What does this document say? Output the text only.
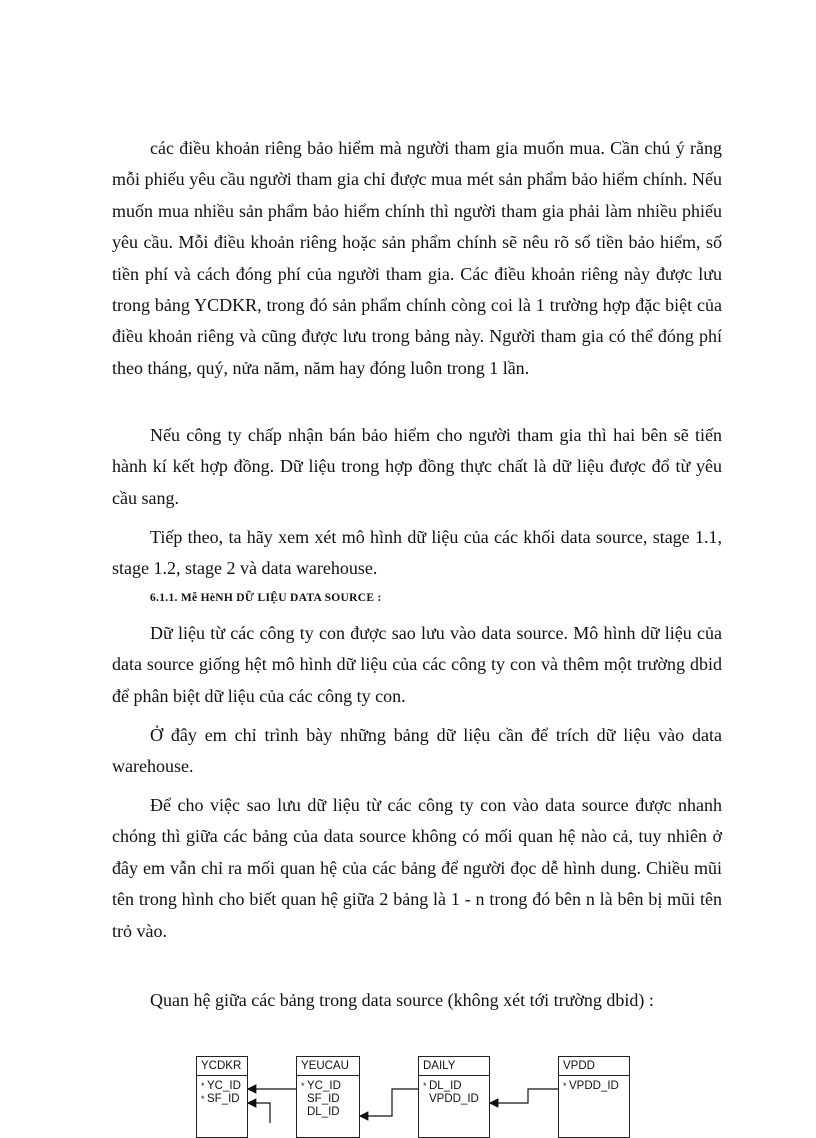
các điều khoản riêng bảo hiểm mà người tham gia muốn mua. Cần chú ý rằng mỗi phiếu yêu cầu người tham gia chỉ được mua mét sản phẩm bảo hiểm chính. Nếu muốn mua nhiều sản phẩm bảo hiểm chính thì người tham gia phải làm nhiều phiếu yêu cầu. Mỗi điều khoản riêng hoặc sản phẩm chính sẽ nêu rõ số tiền bảo hiểm, số tiền phí và cách đóng phí của người tham gia. Các điều khoản riêng này được lưu trong bảng YCDKR, trong đó sản phẩm chính còng coi là 1 trường hợp đặc biệt của điều khoản riêng và cũng được lưu trong bảng này. Người tham gia có thể đóng phí theo tháng, quý, nửa năm, năm hay đóng luôn trong 1 lần.

Nếu công ty chấp nhận bán bảo hiểm cho người tham gia thì hai bên sẽ tiến hành kí kết hợp đồng. Dữ liệu trong hợp đồng thực chất là dữ liệu được đổ từ yêu cầu sang.

Tiếp theo, ta hãy xem xét mô hình dữ liệu của các khối data source, stage 1.1, stage 1.2, stage 2 và data warehouse.

6.1.1. Mễ HèNH DỮ LIỆU DATA SOURCE :

Dữ liệu từ các công ty con được sao lưu vào data source. Mô hình dữ liệu của data source giống hệt mô hình dữ liệu của các công ty con và thêm một trường dbid để phân biệt dữ liệu của các công ty con.

Ở đây em chỉ trình bày những bảng dữ liệu cần để trích dữ liệu vào data warehouse.

Để cho việc sao lưu dữ liệu từ các công ty con vào data source được nhanh chóng thì giữa các bảng của data source không có mối quan hệ nào cả, tuy nhiên ở đây em vẫn chỉ ra mối quan hệ của các bảng để người đọc dễ hình dung. Chiều mũi tên trong hình cho biết quan hệ giữa 2 bảng là 1 - n trong đó bên n là bên bị mũi tên trỏ vào.

Quan hệ giữa các bảng trong data source (không xét tới trường dbid) :

YCDKR
* YC_ID
* SF_ID
YEUCAU
* YC_ID
SF_ID
DL_ID
DAILY
* DL_ID
VPDD_ID
VPDD
* VPDD_ID
